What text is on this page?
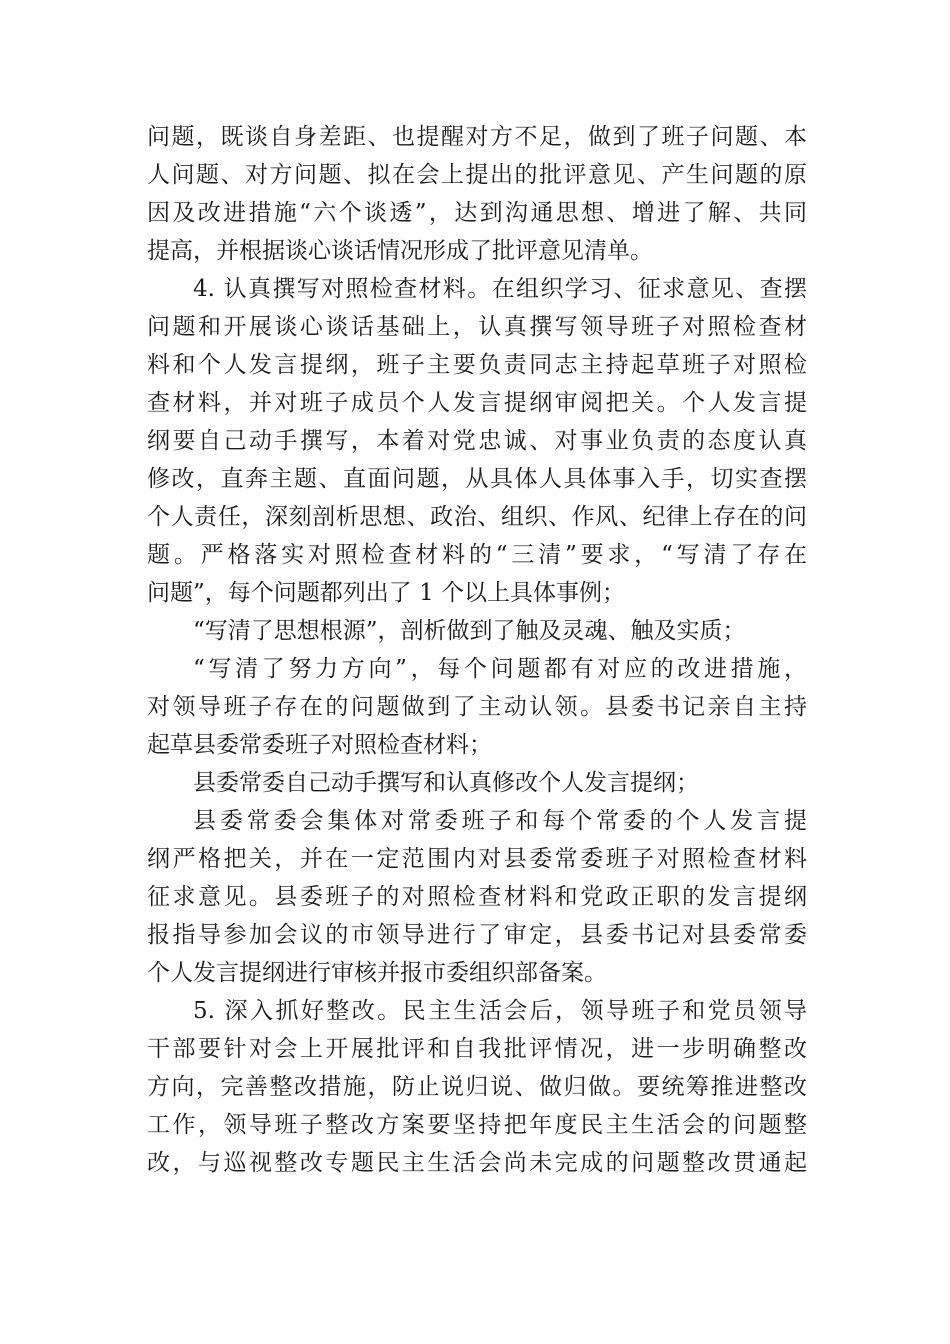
问题，既谈自身差距、也提醒对方不足，做到了班子问题、本
人问题、对方问题、拟在会上提出的批评意见、产生问题的原
因及改进措施“六个谈透”，达到沟通思想、增进了解、共同
提高，并根据谈心谈话情况形成了批评意见清单。
4. 认真撰写对照检查材料。在组织学习、征求意见、查摆
问题和开展谈心谈话基础上，认真撰写领导班子对照检查材
料和个人发言提纲，班子主要负责同志主持起草班子对照检
查材料，并对班子成员个人发言提纲审阅把关。个人发言提
纲要自己动手撰写，本着对党忠诚、对事业负责的态度认真
修改，直奔主题、直面问题，从具体人具体事入手，切实查摆
个人责任，深刻剖析思想、政治、组织、作风、纪律上存在的问
题。严格落实对照检查材料的“三清”要求，“写清了存在
问题”，每个问题都列出了 1 个以上具体事例；
“写清了思想根源”，剖析做到了触及灵魂、触及实质；
“写清了努力方向”，每个问题都有对应的改进措施，
对领导班子存在的问题做到了主动认领。县委书记亲自主持
起草县委常委班子对照检查材料；
县委常委自己动手撰写和认真修改个人发言提纲；
县委常委会集体对常委班子和每个常委的个人发言提
纲严格把关，并在一定范围内对县委常委班子对照检查材料
征求意见。县委班子的对照检查材料和党政正职的发言提纲
报指导参加会议的市领导进行了审定，县委书记对县委常委
个人发言提纲进行审核并报市委组织部备案。
5. 深入抓好整改。民主生活会后，领导班子和党员领导
干部要针对会上开展批评和自我批评情况，进一步明确整改
方向，完善整改措施，防止说归说、做归做。要统筹推进整改
工作，领导班子整改方案要坚持把年度民主生活会的问题整
改，与巡视整改专题民主生活会尚未完成的问题整改贯通起
